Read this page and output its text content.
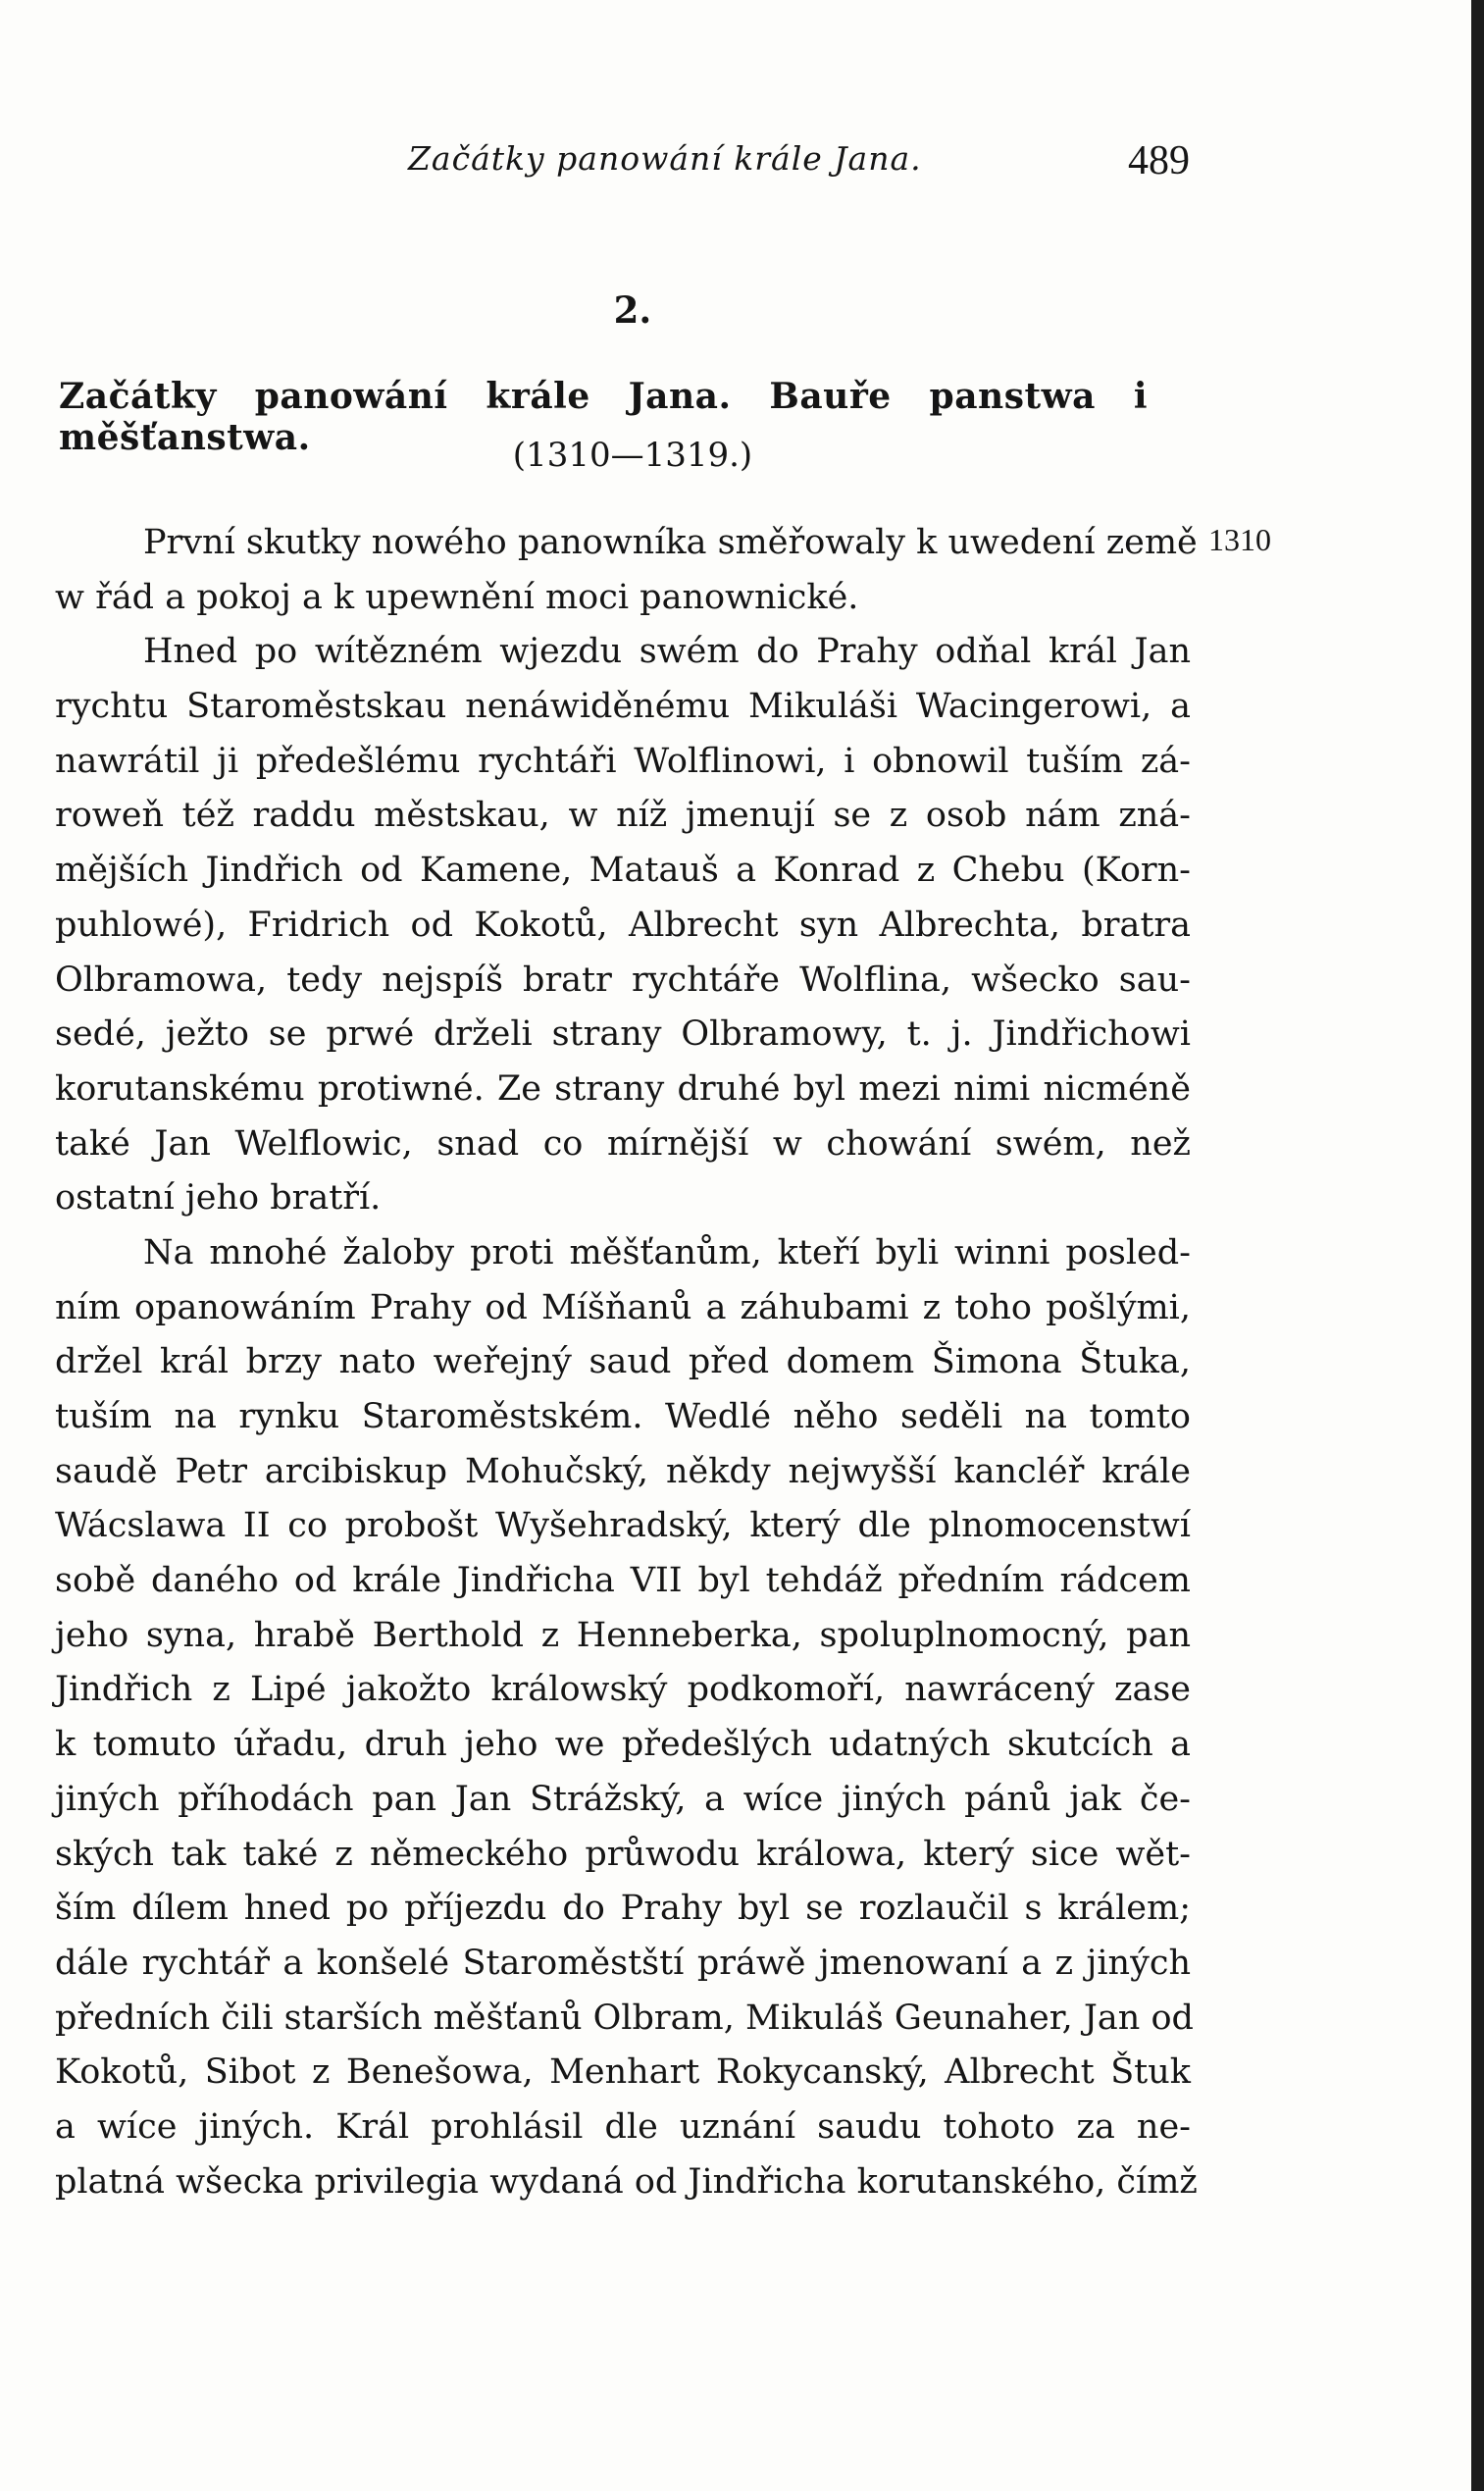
Začátky panowání krále Jana.	489
2.
Začátky panowání krále Jana. Bauře panstwa i měšťanstwa.	(1310—1319.)
1310
První skutky nowého panowníka směřowaly k uwedení země
w řád a pokoj a k upewnění moci panownické.
Hned po wítězném wjezdu swém do Prahy odňal král Jan
rychtu Staroměstskau nenáwiděnému Mikuláši Wacingerowi, a
nawrátil ji předešlému rychtáři Wolflinowi, i obnowil tuším zá-
roweň též raddu městskau, w níž jmenují se z osob nám zná-
mějších Jindřich od Kamene, Matauš a Konrad z Chebu (Korn-
puhlowé), Fridrich od Kokotů, Albrecht syn Albrechta, bratra
Olbramowa, tedy nejspíš bratr rychtáře Wolflina, wšecko sau-
sedé, ježto se prwé drželi strany Olbramowy, t. j. Jindřichowi
korutanskému protiwné. Ze strany druhé byl mezi nimi nicméně
také Jan Welflowic, snad co mírnější w chowání swém, než
ostatní jeho bratří.
Na mnohé žaloby proti měšťanům, kteří byli winni posled-
ním opanowáním Prahy od Míšňanů a záhubami z toho pošlými,
držel král brzy nato weřejný saud před domem Šimona Štuka,
tuším na rynku Staroměstském. Wedlé něho seděli na tomto
saudě Petr arcibiskup Mohučský, někdy nejwyšší kancléř krále
Wácslawa II co probošt Wyšehradský, který dle plnomocenstwí
sobě daného od krále Jindřicha VII byl tehdáž předním rádcem
jeho syna, hrabě Berthold z Henneberka, spoluplnomocný, pan
Jindřich z Lipé jakožto králowský podkomoří, nawrácený zase
k tomuto úřadu, druh jeho we předešlých udatných skutcích a
jiných příhodách pan Jan Strážský, a wíce jiných pánů jak če-
ských tak také z německého průwodu králowa, který sice wět-
ším dílem hned po příjezdu do Prahy byl se rozlaučil s králem;
dále rychtář a konšelé Staroměstští práwě jmenowaní a z jiných
předních čili starších měšťanů Olbram, Mikuláš Geunaher, Jan od
Kokotů, Sibot z Benešowa, Menhart Rokycanský, Albrecht Štuk
a wíce jiných. Král prohlásil dle uznání saudu tohoto za ne-
platná wšecka privilegia wydaná od Jindřicha korutanského, čímž
